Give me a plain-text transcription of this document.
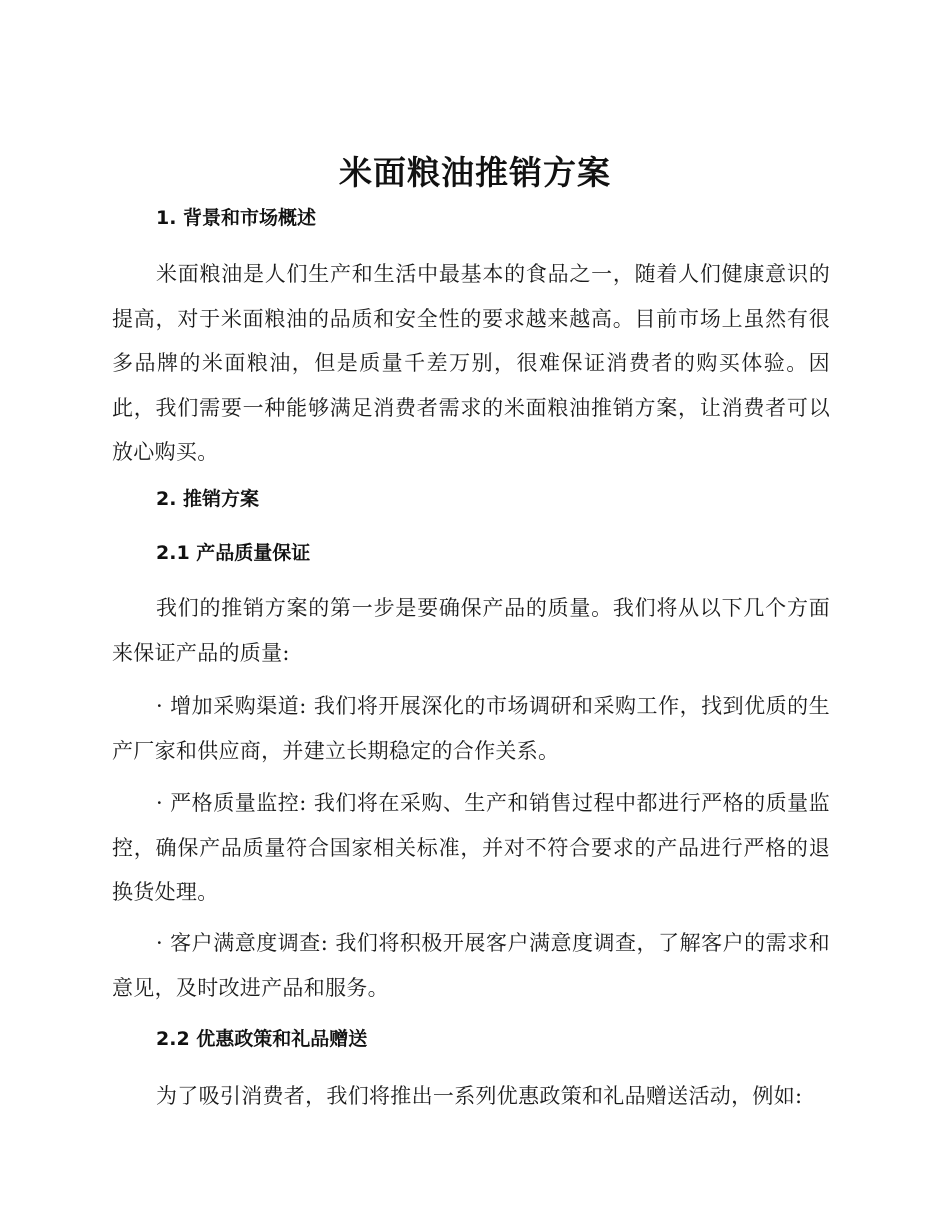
米面粮油推销方案
1. 背景和市场概述
米面粮油是人们生产和生活中最基本的食品之一，随着人们健康意识的提高，对于米面粮油的品质和安全性的要求越来越高。目前市场上虽然有很多品牌的米面粮油，但是质量千差万别，很难保证消费者的购买体验。因此，我们需要一种能够满足消费者需求的米面粮油推销方案，让消费者可以放心购买。
2. 推销方案
2.1 产品质量保证
我们的推销方案的第一步是要确保产品的质量。我们将从以下几个方面来保证产品的质量:
· 增加采购渠道: 我们将开展深化的市场调研和采购工作，找到优质的生产厂家和供应商，并建立长期稳定的合作关系。
· 严格质量监控: 我们将在采购、生产和销售过程中都进行严格的质量监控，确保产品质量符合国家相关标准，并对不符合要求的产品进行严格的退换货处理。
· 客户满意度调查: 我们将积极开展客户满意度调查，了解客户的需求和意见，及时改进产品和服务。
2.2 优惠政策和礼品赠送
为了吸引消费者，我们将推出一系列优惠政策和礼品赠送活动，例如:
